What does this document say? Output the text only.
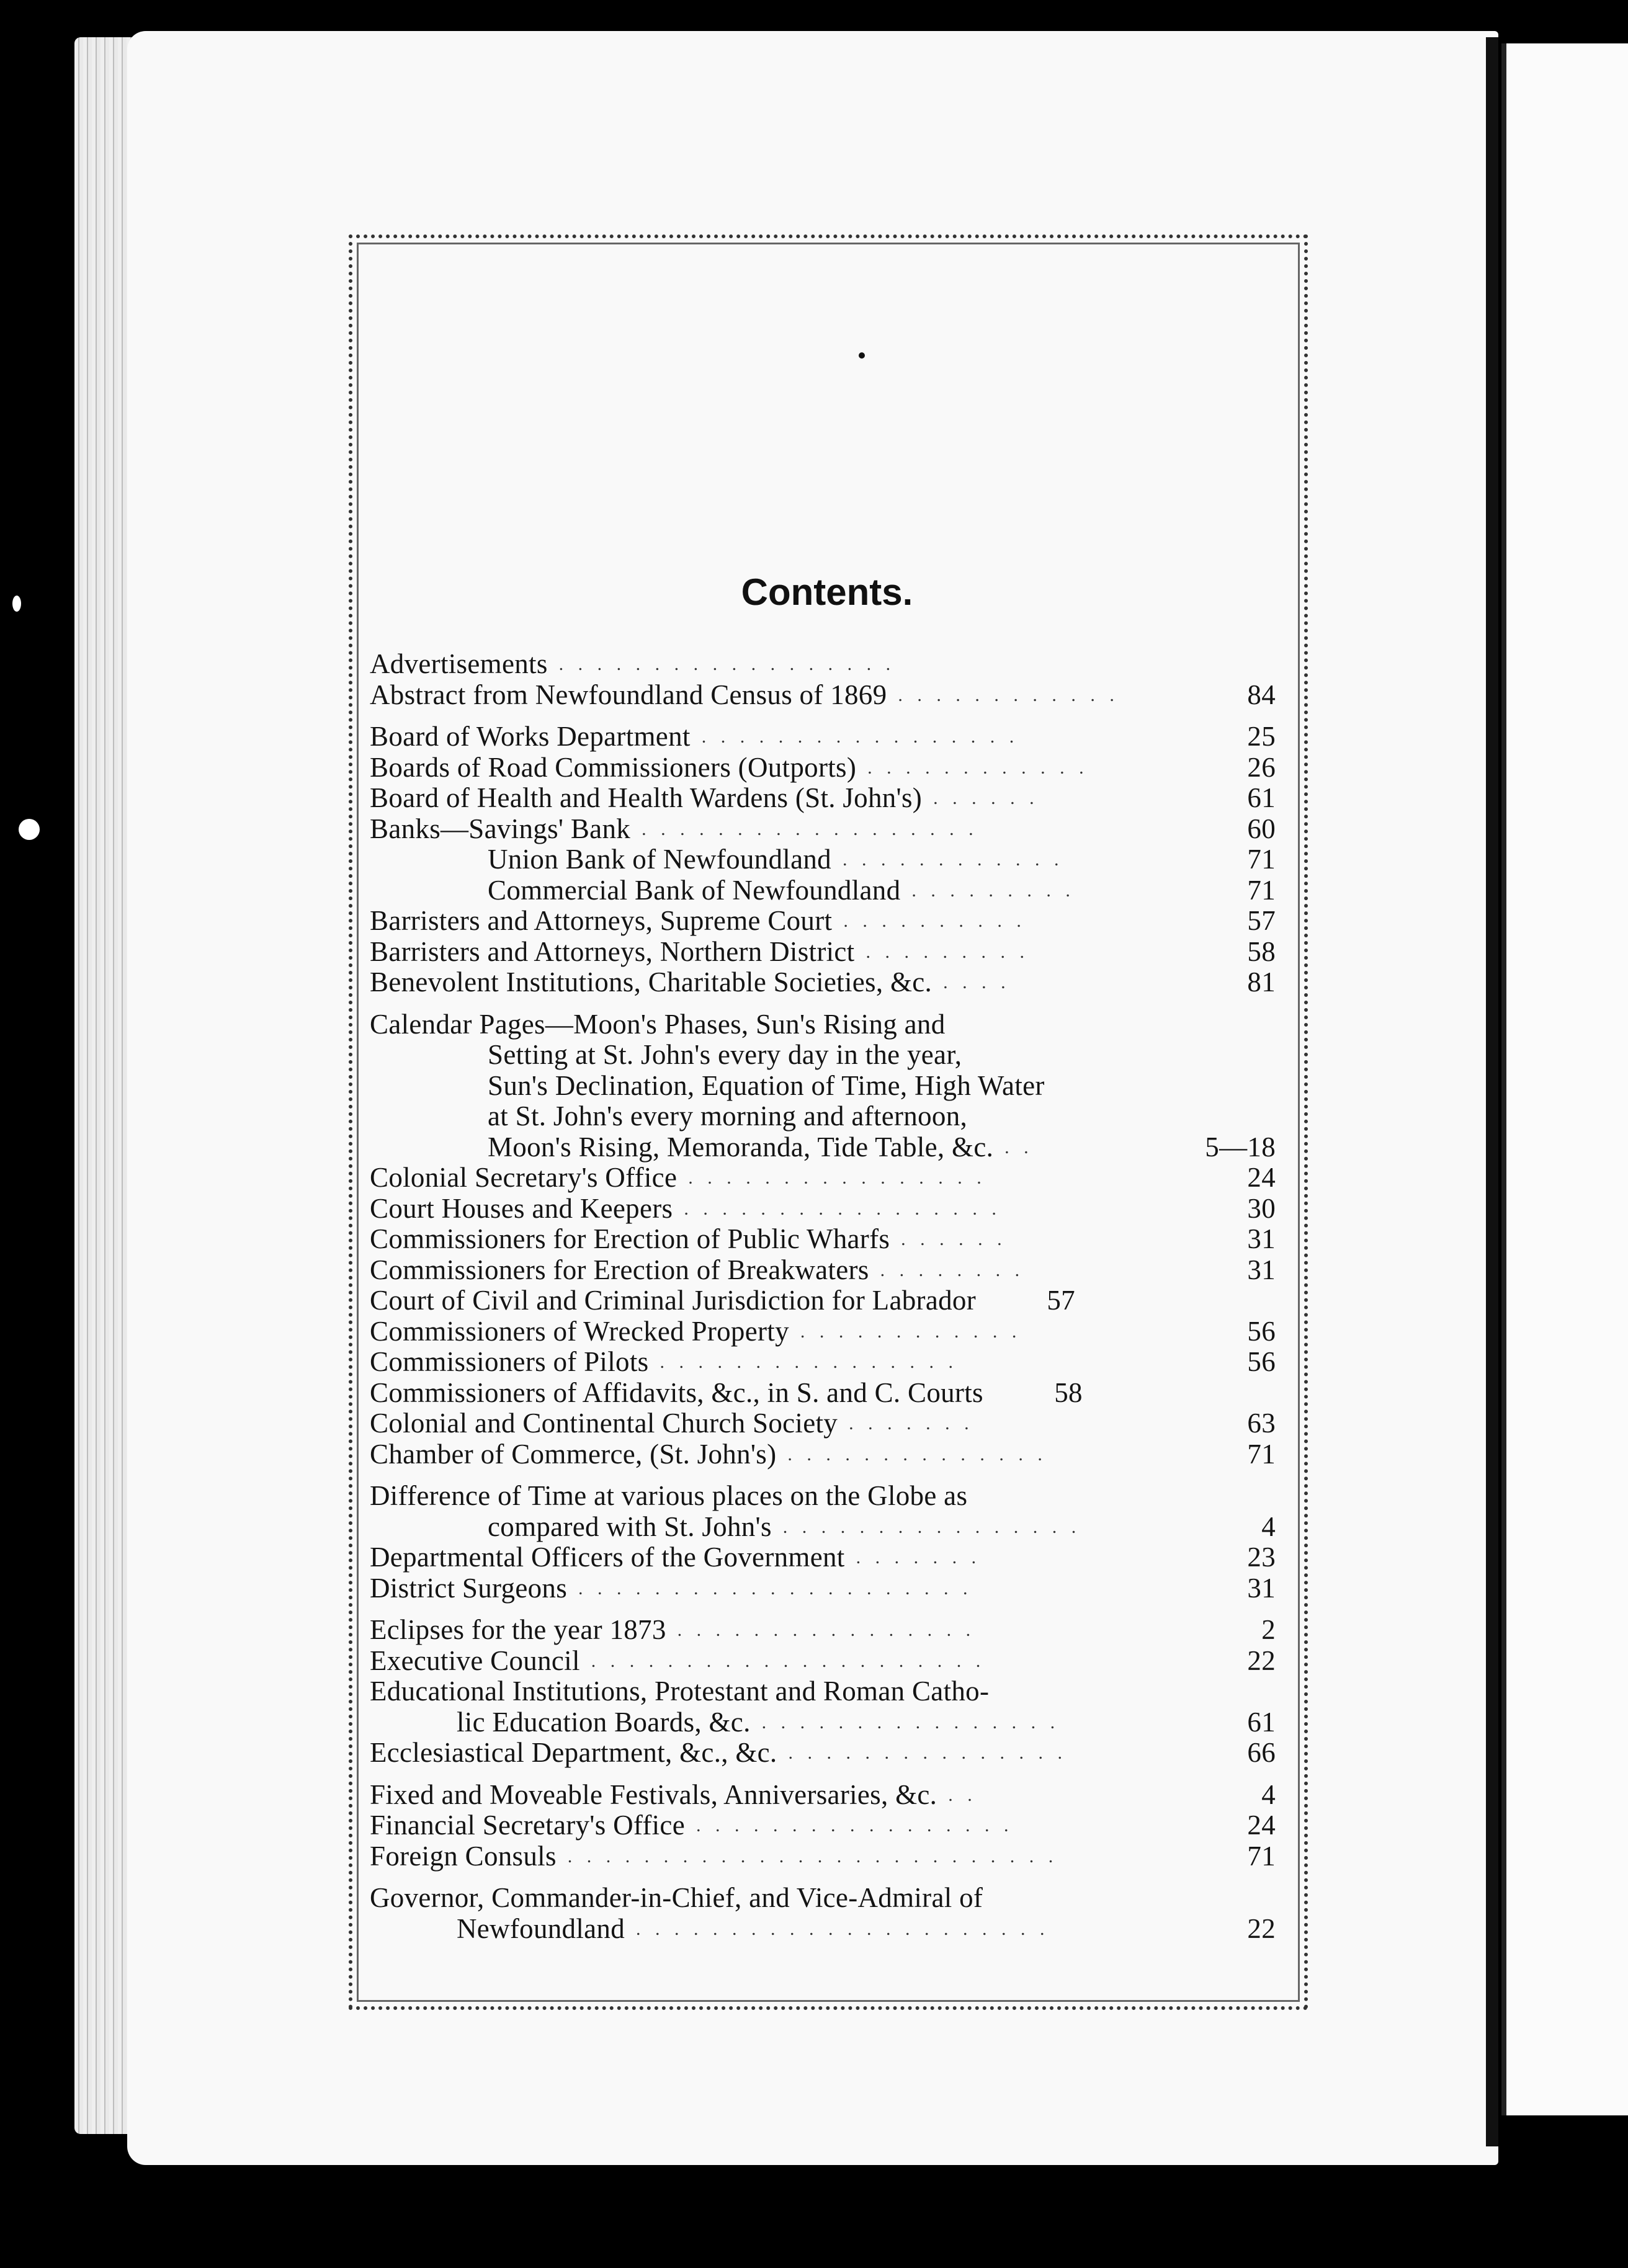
Contents.
Advertisements . . . . . . . . . . . . . . . . . .
Abstract from Newfoundland Census of 1869 . . . . . . . . . . . .	84
Board of Works Department . . . . . . . . . . . . . . . . .	25
Boards of Road Commissioners (Outports) . . . . . . . . . . . .	26
Board of Health and Health Wardens (St. John's) . . . . . .	61
Banks—Savings' Bank . . . . . . . . . . . . . . . . . .	60
Union Bank of Newfoundland . . . . . . . . . . . .	71
Commercial Bank of Newfoundland . . . . . . . . .	71
Barristers and Attorneys, Supreme Court . . . . . . . . . .	57
Barristers and Attorneys, Northern District . . . . . . . . .	58
Benevolent Institutions, Charitable Societies, &c. . . . .	81
Calendar Pages—Moon's Phases, Sun's Rising and
Setting at St. John's every day in the year,
Sun's Declination, Equation of Time, High Water
at St. John's every morning and afternoon,
Moon's Rising, Memoranda, Tide Table, &c. . .	5—18
Colonial Secretary's Office . . . . . . . . . . . . . . . .	24
Court Houses and Keepers . . . . . . . . . . . . . . . . .	30
Commissioners for Erection of Public Wharfs . . . . . .	31
Commissioners for Erection of Breakwaters . . . . . . . .	31
Court of Civil and Criminal Jurisdiction for Labrador	57
Commissioners of Wrecked Property . . . . . . . . . . . .	56
Commissioners of Pilots . . . . . . . . . . . . . . . .	56
Commissioners of Affidavits, &c., in S. and C. Courts	58
Colonial and Continental Church Society . . . . . . .	63
Chamber of Commerce, (St. John's) . . . . . . . . . . . . . .	71
Difference of Time at various places on the Globe as
compared with St. John's . . . . . . . . . . . . . . . .	4
Departmental Officers of the Government . . . . . . .	23
District Surgeons . . . . . . . . . . . . . . . . . . . . .	31
Eclipses for the year 1873 . . . . . . . . . . . . . . . .	2
Executive Council . . . . . . . . . . . . . . . . . . . . .	22
Educational Institutions, Protestant and Roman Catho-
lic Education Boards, &c. . . . . . . . . . . . . . . . .	61
Ecclesiastical Department, &c., &c. . . . . . . . . . . . . . . .	66
Fixed and Moveable Festivals, Anniversaries, &c. . .	4
Financial Secretary's Office . . . . . . . . . . . . . . . . .	24
Foreign Consuls . . . . . . . . . . . . . . . . . . . . . . . . . .	71
Governor, Commander-in-Chief, and Vice-Admiral of
Newfoundland . . . . . . . . . . . . . . . . . . . . . .	22
